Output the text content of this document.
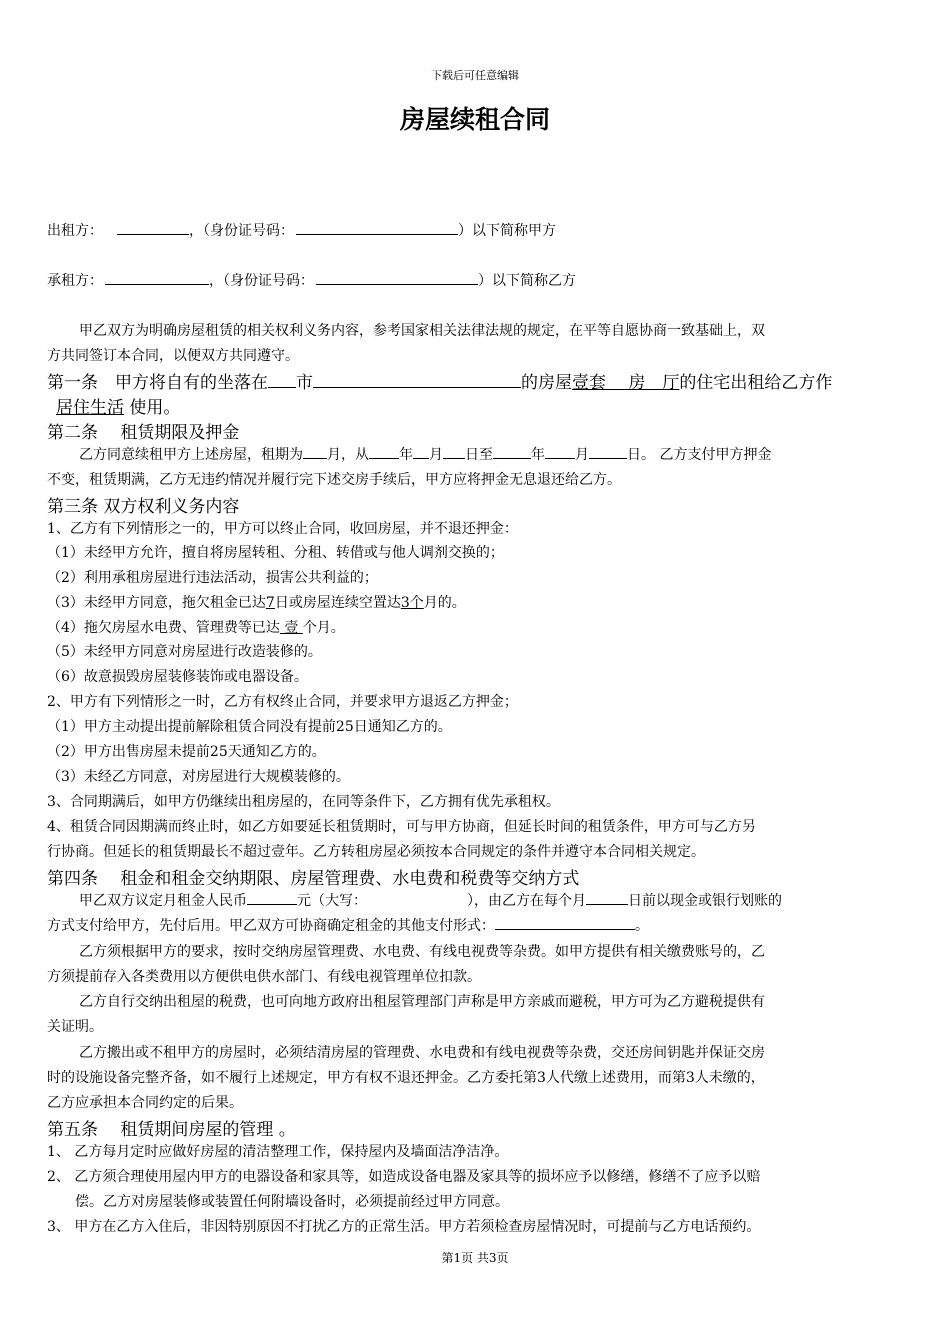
下载后可任意编辑
房屋续租合同
出租方：	，（身份证号码：	）以下简称甲方
承租方：	，（身份证号码：	）以下简称乙方
甲乙双方为明确房屋租赁的相关权利义务内容，参考国家相关法律法规的规定，在平等自愿协商一致基础上，双
方共同签订本合同，以便双方共同遵守。
第一条　甲方将自有的坐落在 市	的房屋壹套　 房　厅的住宅出租给乙方作
居住生活 使用。
第二条　 租赁期限及押金
乙方同意续租甲方上述房屋，租期为 月，从 年 月 日至	年 月	日。 乙方支付甲方押金
不变，租赁期满，乙方无违约情况并履行完下述交房手续后，甲方应将押金无息退还给乙方。
第三条 双方权利义务内容
1、乙方有下列情形之一的，甲方可以终止合同，收回房屋，并不退还押金：
（1）未经甲方允许，擅自将房屋转租、分租、转借或与他人调剂交换的；
（2）利用承租房屋进行违法活动，损害公共利益的；
（3）未经甲方同意，拖欠租金已达7日或房屋连续空置达3个月的。
（4）拖欠房屋水电费、管理费等已达 壹 个月。
（5）未经甲方同意对房屋进行改造装修的。
（6）故意损毁房屋装修装饰或电器设备。
2、甲方有下列情形之一时，乙方有权终止合同，并要求甲方退返乙方押金；
（1）甲方主动提出提前解除租赁合同没有提前25日通知乙方的。
（2）甲方出售房屋未提前25天通知乙方的。
（3）未经乙方同意，对房屋进行大规模装修的。
3、合同期满后，如甲方仍继续出租房屋的，在同等条件下，乙方拥有优先承租权。
4、租赁合同因期满而终止时，如乙方如要延长租赁期时，可与甲方协商，但延长时间的租赁条件，甲方可与乙方另
行协商。但延长的租赁期最长不超过壹年。乙方转租房屋必须按本合同规定的条件并遵守本合同相关规定。
第四条　 租金和租金交纳期限、房屋管理费、水电费和税费等交纳方式
甲乙双方议定月租金人民币	元（大写：	），由乙方在每个月	日前以现金或银行划账的
方式支付给甲方，先付后用。甲乙双方可协商确定租金的其他支付形式：	。
乙方须根据甲方的要求，按时交纳房屋管理费、水电费、有线电视费等杂费。如甲方提供有相关缴费账号的，乙
方须提前存入各类费用以方便供电供水部门、有线电视管理单位扣款。
乙方自行交纳出租屋的税费，也可向地方政府出租屋管理部门声称是甲方亲戚而避税，甲方可为乙方避税提供有
关证明。
乙方搬出或不租甲方的房屋时，必须结清房屋的管理费、水电费和有线电视费等杂费，交还房间钥匙并保证交房
时的设施设备完整齐备，如不履行上述规定，甲方有权不退还押金。乙方委托第3人代缴上述费用，而第3人未缴的，
乙方应承担本合同约定的后果。
第五条　 租赁期间房屋的管理 。
1、 乙方每月定时应做好房屋的清洁整理工作，保持屋内及墙面洁净洁净。
2、 乙方须合理使用屋内甲方的电器设备和家具等，如造成设备电器及家具等的损坏应予以修缮，修缮不了应予以赔
偿。乙方对房屋装修或装置任何附墙设备时，必须提前经过甲方同意。
3、 甲方在乙方入住后，非因特别原因不打扰乙方的正常生活。甲方若须检查房屋情况时，可提前与乙方电话预约。
第1页 共3页
